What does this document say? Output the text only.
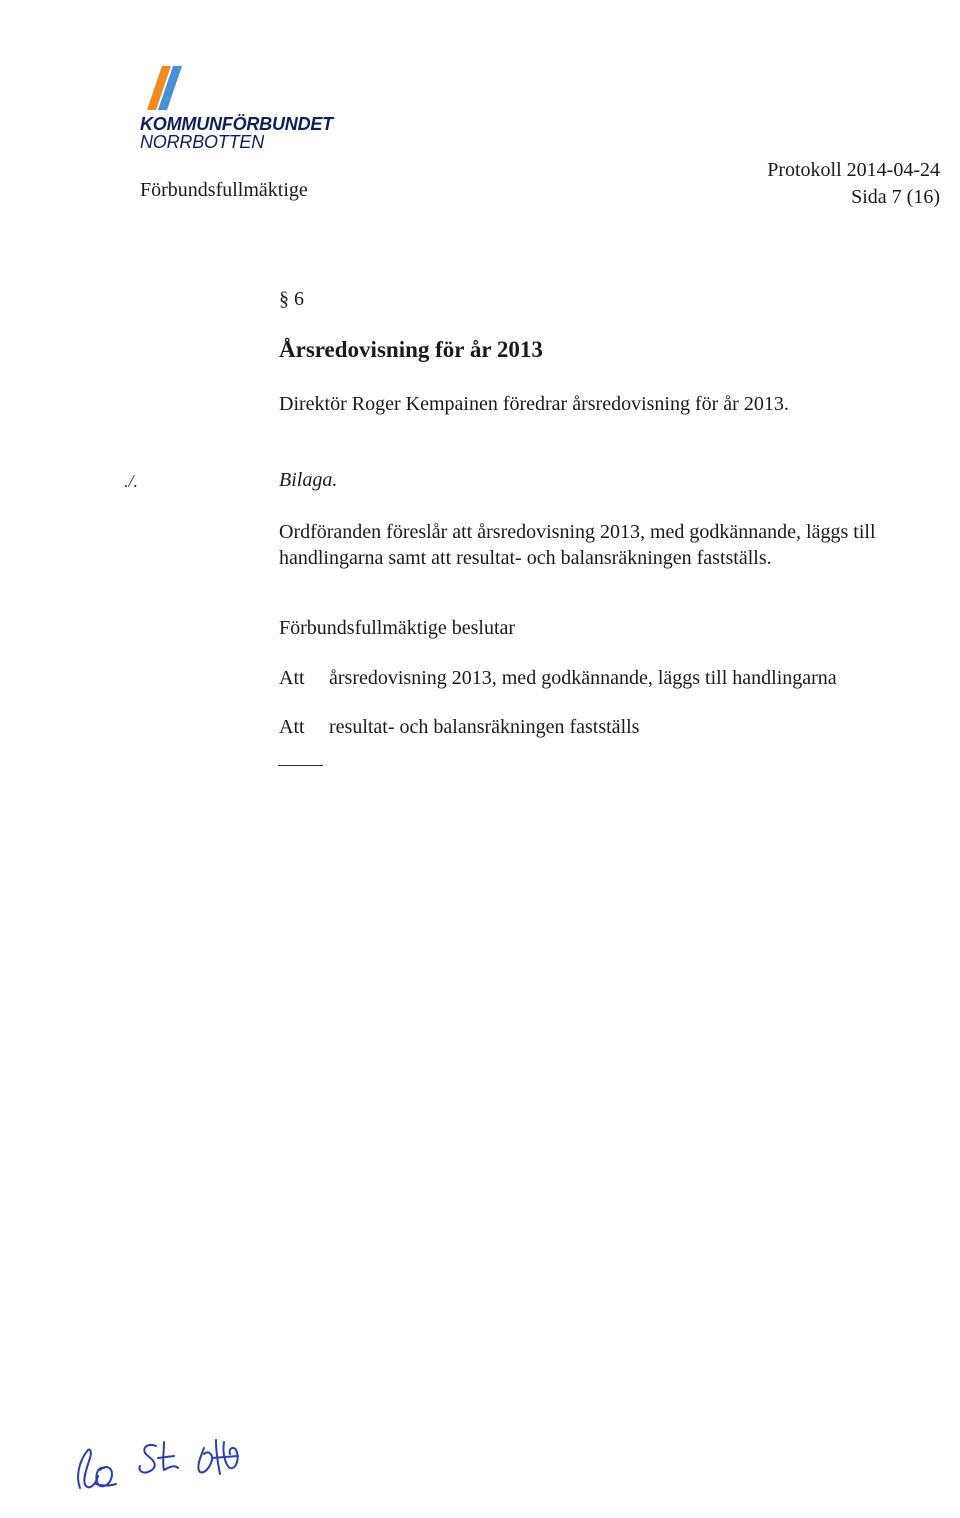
KOMMUNFÖRBUNDET
NORRBOTTEN
Förbundsfullmäktige
Protokoll 2014-04-24
Sida 7 (16)
§ 6
Årsredovisning för år 2013
Direktör Roger Kempainen föredrar årsredovisning för år 2013.
./.	Bilaga.
Ordföranden föreslår att årsredovisning 2013, med godkännande, läggs till
handlingarna samt att resultat- och balansräkningen fastställs.
Förbundsfullmäktige beslutar
Att årsredovisning 2013, med godkännande, läggs till handlingarna
Att resultat- och balansräkningen fastställs
